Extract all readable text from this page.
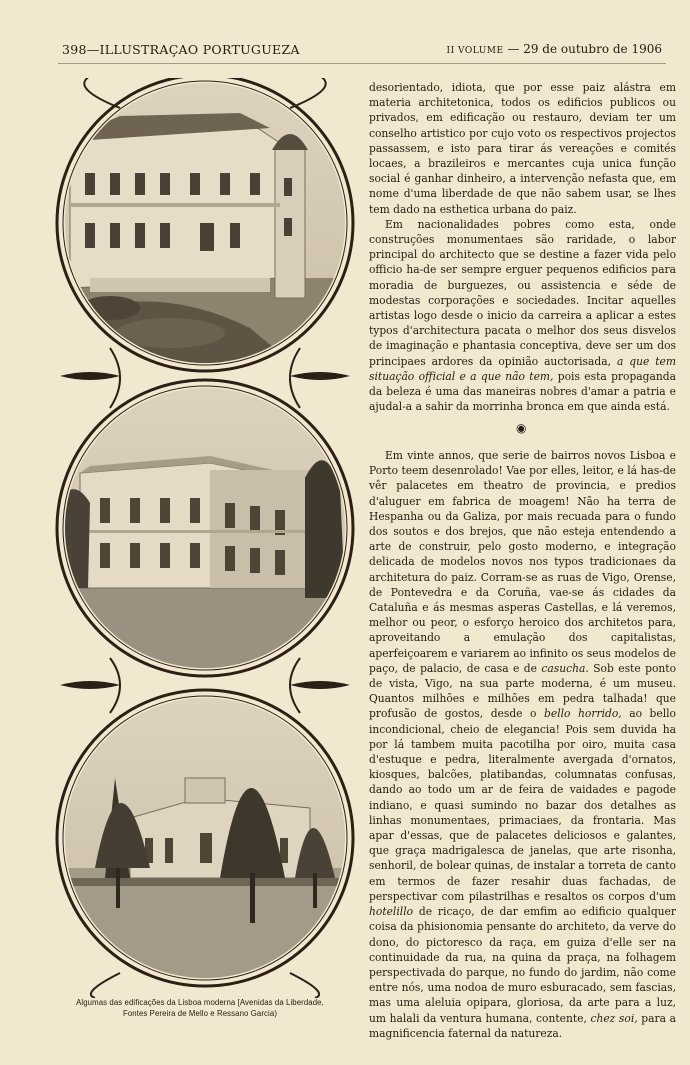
398—ILLUSTRAÇAO PORTUGUEZA	II VOLUME — 29 de outubro de 1906
Algumas das edificações da Lisboa moderna [Avenidas da Liberdade,
Fontes Pereira de Mello e Ressano Garcia)

desorientado, idiota, que por esse paiz alástra em materia architetonica, todos os edificios publicos ou privados, em edificação ou restauro, deviam ter um conselho artistico por cujo voto os respectivos projectos passassem, e isto para tirar ás vereações e comités locaes, a brazileiros e mercantes cuja unica função social é ganhar dinheiro, a intervenção nefasta que, em nome d'uma liberdade de que não sabem usar, se lhes tem dado na esthetica urbana do paiz.

Em nacionalidades pobres como esta, onde construções monumentaes são raridade, o labor principal do architecto que se destine a fazer vida pelo officio ha-de ser sempre erguer pequenos edificios para moradia de burguezes, ou assistencia e séde de modestas corporações e sociedades. Incitar aquelles artistas logo desde o inicio da carreira a aplicar a estes typos d'architectura pacata o melhor dos seus disvelos de imaginação e phantasia conceptiva, deve ser um dos principaes ardores da opinião auctorisada, a que tem situação official e a que não tem, pois esta propaganda da beleza é uma das maneiras nobres d'amar a patria e ajudal-a a sahir da morrinha bronca em que ainda está.

◉

Em vinte annos, que serie de bairros novos Lisboa e Porto teem desenrolado! Vae por elles, leitor, e lá has-de vêr palacetes em theatro de provincia, e predios d'aluguer em fabrica de moagem! Não ha terra de Hespanha ou da Galiza, por mais recuada para o fundo dos soutos e dos brejos, que não esteja entendendo a arte de construir, pelo gosto moderno, e integração delicada de modelos novos nos typos tradicionaes da architetura do paiz. Corram-se as ruas de Vigo, Orense, de Pontevedra e da Coruña, vae-se ás cidades da Cataluña e ás mesmas asperas Castellas, e lá veremos, melhor ou peor, o esforço heroico dos architetos para, aproveitando a emulação dos capitalistas, aperfeiçoarem e variarem ao infinito os seus modelos de paço, de palacio, de casa e de casucha. Sob este ponto de vista, Vigo, na sua parte moderna, é um museu. Quantos milhões e milhões em pedra talhada! que profusão de gostos, desde o bello horrido, ao bello incondicional, cheio de elegancia! Pois sem duvida ha por lá tambem muita pacotilha por oiro, muita casa d'estuque e pedra, literalmente avergada d'ornatos, kiosques, balcões, platibandas, columnatas confusas, dando ao todo um ar de feira de vaidades e pagode indiano, e quasi sumindo no bazar dos detalhes as linhas monumentaes, primaciaes, da frontaria. Mas apar d'essas, que de palacetes deliciosos e galantes, que graça madrigalesca de janelas, que arte risonha, senhoril, de bolear quinas, de instalar a torreta de canto em termos de fazer resahir duas fachadas, de perspectivar com pilastrilhas e resaltos os corpos d'um hotelillo de ricaço, de dar emfim ao edificio qualquer coisa da phisionomia pensante do architeto, da verve do dono, do pictoresco da raça, em guiza d'elle ser na continuidade da rua, na quina da praça, na folhagem perspectivada do parque, no fundo do jardim, não come entre nós, uma nodoa de muro esburacado, sem fascias, mas uma aleluia opipara, gloriosa, da arte para a luz, um halali da ventura humana, contente, chez soi, para a magnificencia faternal da natureza.
